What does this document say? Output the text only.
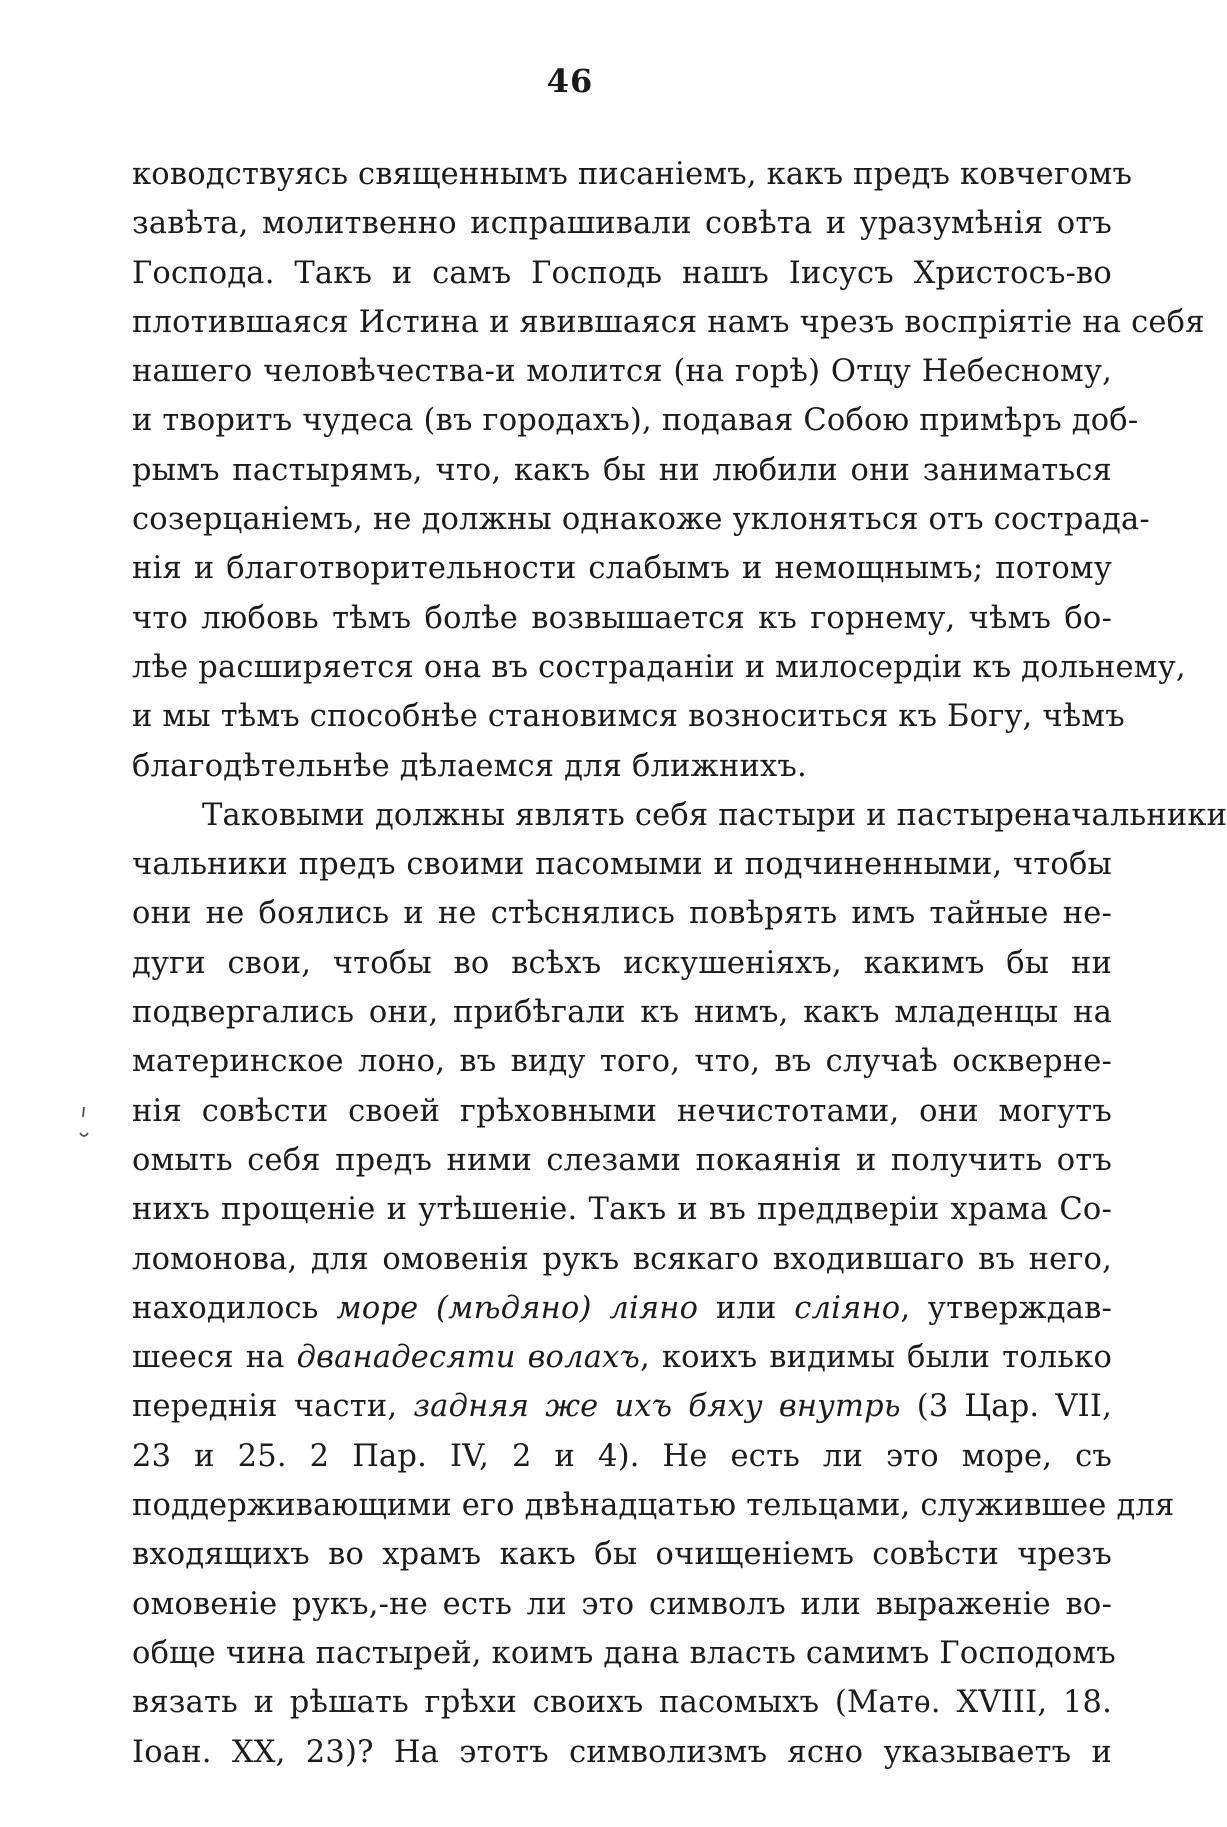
46
ководствуясь священнымъ писаніемъ, какъ предъ ковчегомъ
завѣта, молитвенно испрашивали совѣта и уразумѣнія отъ
Господа. Такъ и самъ Господь нашъ Іисусъ Христосъ-во
плотившаяся Истина и явившаяся намъ чрезъ воспріятіе на себя
нашего человѣчества-и молится (на горѣ) Отцу Небесному,
и творитъ чудеса (въ городахъ), подавая Собою примѣръ доб-
рымъ пастырямъ, что, какъ бы ни любили они заниматься
созерцаніемъ, не должны однакоже уклоняться отъ сострада-
нія и благотворительности слабымъ и немощнымъ; потому
что любовь тѣмъ болѣе возвышается къ горнему, чѣмъ бо-
лѣе расширяется она въ состраданіи и милосердіи къ дольнему,
и мы тѣмъ способнѣе становимся возноситься къ Богу, чѣмъ
благодѣтельнѣе дѣлаемся для ближнихъ.
Таковыми должны являть себя пастыри и пастыреначальники
чальники предъ своими пасомыми и подчиненными, чтобы
они не боялись и не стѣснялись повѣрять имъ тайные не-
дуги свои, чтобы во всѣхъ искушеніяхъ, какимъ бы ни
подвергались они, прибѣгали къ нимъ, какъ младенцы на
материнское лоно, въ виду того, что, въ случаѣ оскверне-
нія совѣсти своей грѣховными нечистотами, они могутъ
омыть себя предъ ними слезами покаянія и получить отъ
нихъ прощеніе и утѣшеніе. Такъ и въ преддверіи храма Со-
ломонова, для омовенія рукъ всякаго входившаго въ него,
находилось море (мѣдяно) ліяно или сліяно, утверждав-
шееся на дванадесяти волахъ, коихъ видимы были только
переднія части, задняя же ихъ бяху внутрь (3 Цар. VII,
23 и 25. 2 Пар. IV, 2 и 4). Не есть ли это море, съ
поддерживающими его двѣнадцатью тельцами, служившее для
входящихъ во храмъ какъ бы очищеніемъ совѣсти чрезъ
омовеніе рукъ,-не есть ли это символъ или выраженіе во-
обще чина пастырей, коимъ дана власть самимъ Господомъ
вязать и рѣшать грѣхи своихъ пасомыхъ (Матѳ. XVIII, 18.
Іоан. XX, 23)? На этотъ символизмъ ясно указываетъ и
